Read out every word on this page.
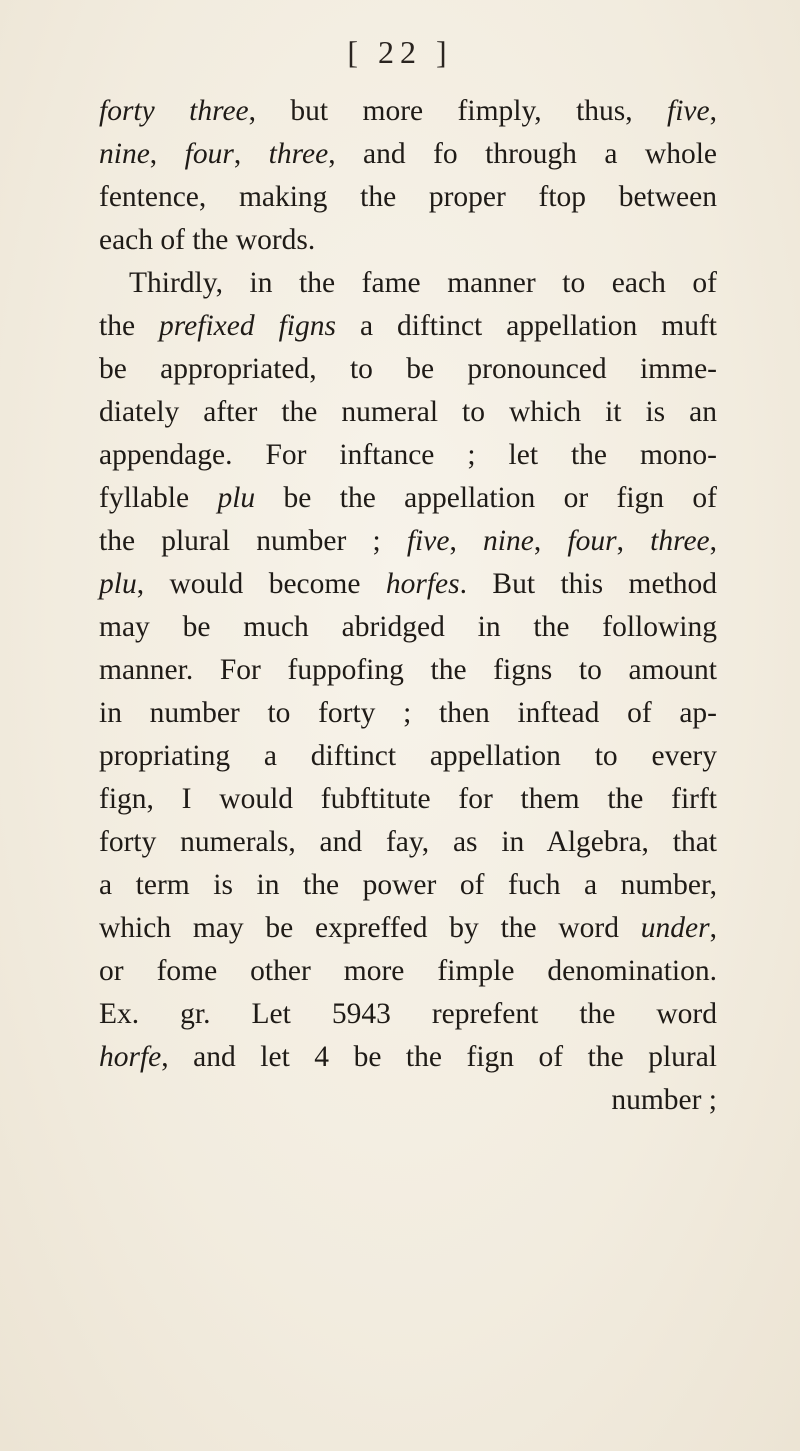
[ 22 ]
forty three, but more fimply, thus, five,
nine, four, three, and fo through a whole
fentence, making the proper ftop between
each of the words.
Thirdly, in the fame manner to each of
the prefixed figns a diftinct appellation muft
be appropriated, to be pronounced imme-
diately after the numeral to which it is an
appendage. For inftance ; let the mono-
fyllable plu be the appellation or fign of
the plural number ; five, nine, four, three,
plu, would become horfes. But this method
may be much abridged in the following
manner. For fuppofing the figns to amount
in number to forty ; then inftead of ap-
propriating a diftinct appellation to every
fign, I would fubftitute for them the firft
forty numerals, and fay, as in Algebra, that
a term is in the power of fuch a number,
which may be expreffed by the word under,
or fome other more fimple denomination.
Ex. gr. Let 5943 reprefent the word
horfe, and let 4 be the fign of the plural
number ;
